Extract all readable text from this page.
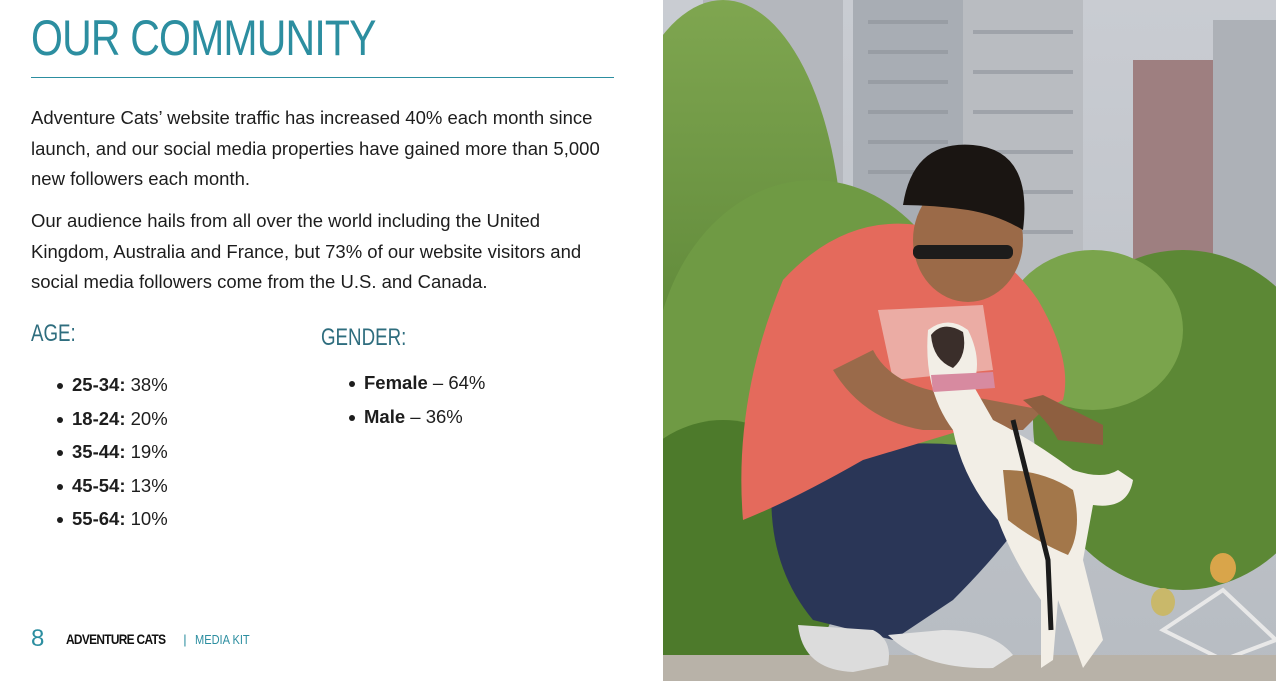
OUR COMMUNITY

Adventure Cats’ website traffic has increased 40% each month since launch, and our social media properties have gained more than 5,000 new followers each month.

Our audience hails from all over the world including the United Kingdom, Australia and France, but 73% of our website visitors and social media followers come from the U.S. and Canada.

AGE:
25-34: 38%
18-24: 20%
35-44: 19%
45-54: 13%
55-64: 10%
GENDER:
Female – 64%
Male – 36%
8 ADVENTURE CATS | MEDIA KIT
